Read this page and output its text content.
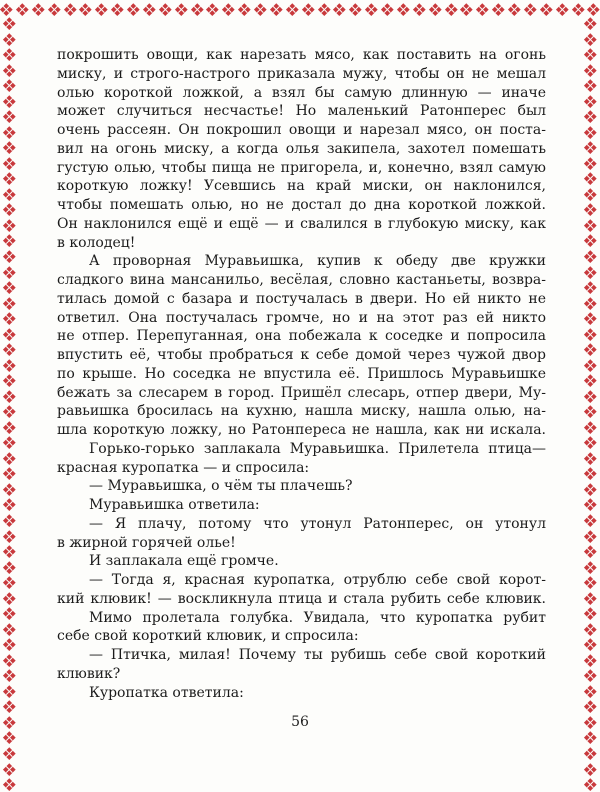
покрошить овощи, как нарезать мясо, как поставить на огонь
миску, и строго-настрого приказала мужу, чтобы он не мешал
олью короткой ложкой, а взял бы самую длинную — иначе
может случиться несчастье! Но маленький Ратонперес был
очень рассеян. Он покрошил овощи и нарезал мясо, он поста-
вил на огонь миску, а когда олья закипела, захотел помешать
густую олью, чтобы пища не пригорела, и, конечно, взял самую
короткую ложку! Усевшись на край миски, он наклонился,
чтобы помешать олью, но не достал до дна короткой ложкой.
Он наклонился ещё и ещё — и свалился в глубокую миску, как
в колодец!
А проворная Муравьишка, купив к обеду две кружки
сладкого вина мансанильо, весёлая, словно кастаньеты, возвра-
тилась домой с базара и постучалась в двери. Но ей никто не
ответил. Она постучалась громче, но и на этот раз ей никто
не отпер. Перепуганная, она побежала к соседке и попросила
впустить её, чтобы пробраться к себе домой через чужой двор
по крыше. Но соседка не впустила её. Пришлось Муравьишке
бежать за слесарем в город. Пришёл слесарь, отпер двери, Му-
равьишка бросилась на кухню, нашла миску, нашла олью, на-
шла короткую ложку, но Ратонпереса не нашла, как ни искала.
Горько-горько заплакала Муравьишка. Прилетела птица—
красная куропатка — и спросила:
— Муравьишка, о чём ты плачешь?
Муравьишка ответила:
— Я плачу, потому что утонул Ратонперес, он утонул
в жирной горячей олье!
И заплакала ещё громче.
— Тогда я, красная куропатка, отрублю себе свой корот-
кий клювик! — воскликнула птица и стала рубить себе клювик.
Мимо пролетала голубка. Увидала, что куропатка рубит
себе свой короткий клювик, и спросила:
— Птичка, милая! Почему ты рубишь себе свой короткий
клювик?
Куропатка ответила:
56
